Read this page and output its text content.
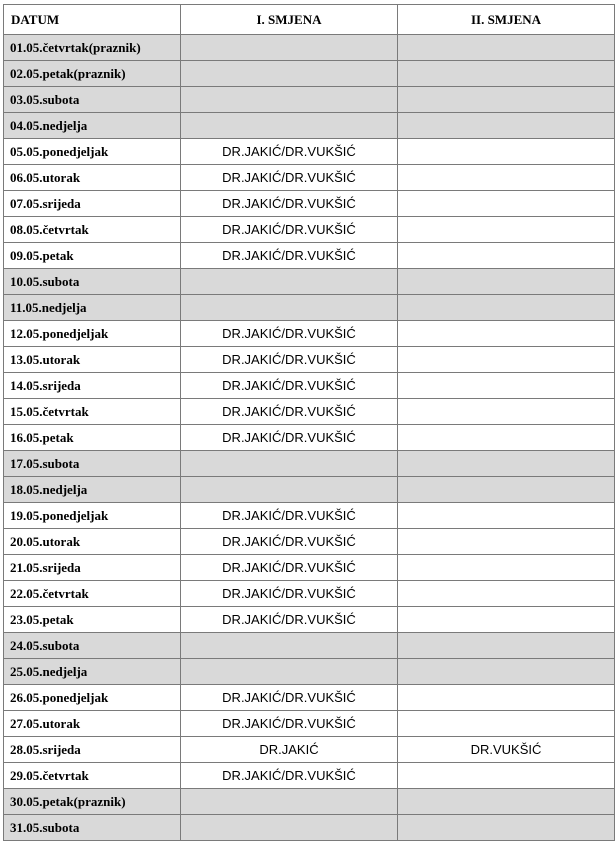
DATUM	I. SMJENA	II. SMJENA
01.05.četvrtak(praznik)		
02.05.petak(praznik)		
03.05.subota		
04.05.nedjelja		
05.05.ponedjeljak	DR.JAKIĆ/DR.VUKŠIĆ	
06.05.utorak	DR.JAKIĆ/DR.VUKŠIĆ	
07.05.srijeda	DR.JAKIĆ/DR.VUKŠIĆ	
08.05.četvrtak	DR.JAKIĆ/DR.VUKŠIĆ	
09.05.petak	DR.JAKIĆ/DR.VUKŠIĆ	
10.05.subota		
11.05.nedjelja		
12.05.ponedjeljak	DR.JAKIĆ/DR.VUKŠIĆ	
13.05.utorak	DR.JAKIĆ/DR.VUKŠIĆ	
14.05.srijeda	DR.JAKIĆ/DR.VUKŠIĆ	
15.05.četvrtak	DR.JAKIĆ/DR.VUKŠIĆ	
16.05.petak	DR.JAKIĆ/DR.VUKŠIĆ	
17.05.subota		
18.05.nedjelja		
19.05.ponedjeljak	DR.JAKIĆ/DR.VUKŠIĆ	
20.05.utorak	DR.JAKIĆ/DR.VUKŠIĆ	
21.05.srijeda	DR.JAKIĆ/DR.VUKŠIĆ	
22.05.četvrtak	DR.JAKIĆ/DR.VUKŠIĆ	
23.05.petak	DR.JAKIĆ/DR.VUKŠIĆ	
24.05.subota		
25.05.nedjelja		
26.05.ponedjeljak	DR.JAKIĆ/DR.VUKŠIĆ	
27.05.utorak	DR.JAKIĆ/DR.VUKŠIĆ	
28.05.srijeda	DR.JAKIĆ	DR.VUKŠIĆ
29.05.četvrtak	DR.JAKIĆ/DR.VUKŠIĆ	
30.05.petak(praznik)		
31.05.subota		
